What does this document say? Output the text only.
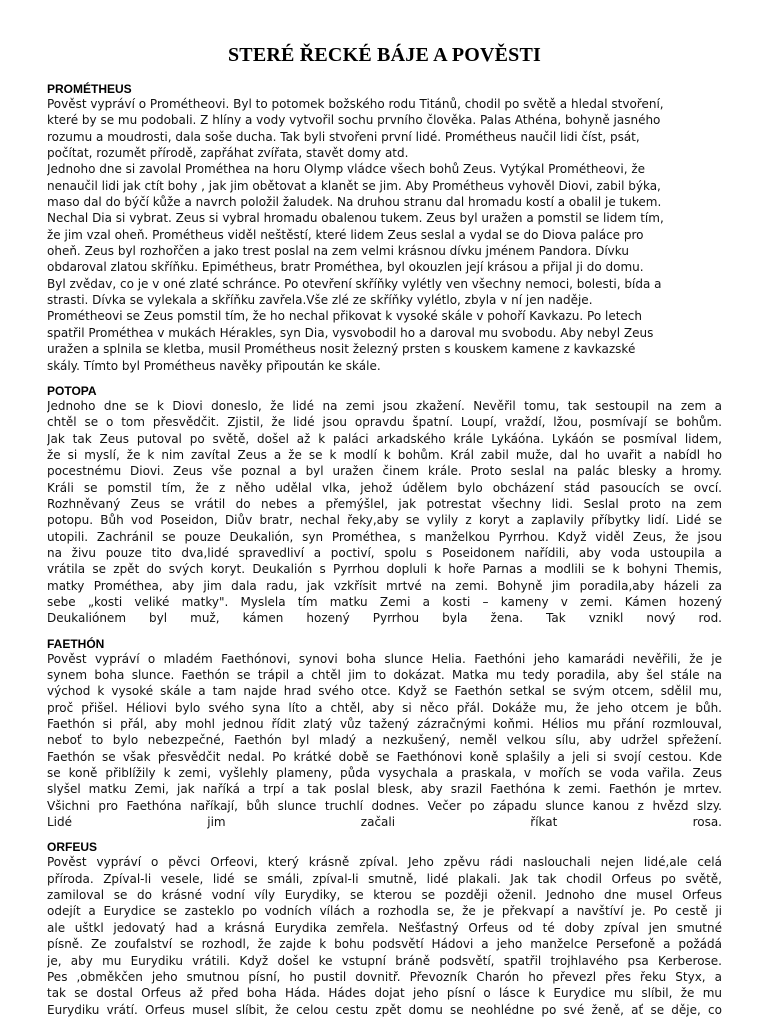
STERÉ ŘECKÉ BÁJE A POVĚSTI
PROMÉTHEUS
Pověst vypráví o Prométheovi. Byl to potomek božského rodu Titánů, chodil po světě a hledal stvoření,
které by se mu podobali. Z hlíny a vody vytvořil sochu prvního člověka. Palas Athéna, bohyně jasného
rozumu a moudrosti, dala soše ducha. Tak byli stvořeni první lidé. Prométheus naučil lidi číst, psát,
počítat, rozumět přírodě, zapřáhat zvířata, stavět domy atd.
Jednoho dne si zavolal Prométhea na horu Olymp vládce všech bohů Zeus. Vytýkal Prométheovi, že
nenaučil lidi jak ctít bohy , jak jim obětovat a klanět se jim. Aby Prométheus vyhověl Diovi, zabil býka,
maso dal do býčí kůže a navrch položil žaludek. Na druhou stranu dal hromadu kostí a obalil je tukem.
Nechal Dia si vybrat. Zeus si vybral hromadu obalenou tukem. Zeus byl uražen a pomstil se lidem tím,
že jim vzal oheň. Prométheus viděl neštěstí, které lidem Zeus seslal a vydal se do Diova paláce pro
oheň. Zeus byl rozhořčen a jako trest poslal na zem velmi krásnou dívku jménem Pandora. Dívku
obdaroval zlatou skříňku. Epimétheus, bratr Prométhea, byl okouzlen její krásou a přijal ji do domu.
Byl zvědav, co je v oné zlaté schránce. Po otevření skříňky vylétly ven všechny nemoci, bolesti, bída a
strasti. Dívka se vylekala a skříňku zavřela.Vše zlé ze skříňky vylétlo, zbyla v ní jen naděje.
Prométheovi se Zeus pomstil tím, že ho nechal přikovat k vysoké skále v pohoří Kavkazu. Po letech
spatřil Prométhea v mukách Hérakles, syn Dia, vysvobodil ho a daroval mu svobodu. Aby nebyl Zeus
uražen a splnila se kletba, musil Prométheus nosit železný prsten s kouskem kamene z kavkazské
skály. Tímto byl Prométheus navěky připoután ke skále.
POTOPA
Jednoho dne se k Diovi doneslo, že lidé na zemi jsou zkažení. Nevěřil tomu, tak sestoupil na zem a
chtěl se o tom přesvědčit. Zjistil, že lidé jsou opravdu špatní. Loupí, vraždí, lžou, posmívají se bohům.
Jak tak Zeus putoval po světě, došel až k paláci arkadského krále Lykáóna. Lykáón se posmíval lidem,
že si myslí, že k nim zavítal Zeus a že se k modlí k bohům. Král zabil muže, dal ho uvařit a nabídl ho
pocestnému Diovi. Zeus vše poznal a byl uražen činem krále. Proto seslal na palác blesky a hromy.
Králi se pomstil tím, že z něho udělal vlka, jehož údělem bylo obcházení stád pasoucích se ovcí.
Rozhněvaný Zeus se vrátil do nebes a přemýšlel, jak potrestat všechny lidi. Seslal proto na zem
potopu. Bůh vod Poseidon, Diův bratr, nechal řeky,aby se vylily z koryt a zaplavily příbytky lidí. Lidé se
utopili. Zachránil se pouze Deukalión, syn Prométhea, s manželkou Pyrrhou. Když viděl Zeus, že jsou
na živu pouze tito dva,lidé spravedliví a poctiví, spolu s Poseidonem nařídili, aby voda ustoupila a
vrátila se zpět do svých koryt. Deukalión s Pyrrhou dopluli k hoře Parnas a modlili se k bohyni Themis,
matky Prométhea, aby jim dala radu, jak vzkřísit mrtvé na zemi. Bohyně jim poradila,aby házeli za
sebe „kosti veliké matky". Myslela tím matku Zemi a kosti – kameny v zemi. Kámen hozený
Deukaliónem byl muž, kámen hozený Pyrrhou byla žena. Tak vznikl nový rod.
FAETHÓN
Pověst vypráví o mladém Faethónovi, synovi boha slunce Helia. Faethóni jeho kamarádi nevěřili, že je
synem boha slunce. Faethón se trápil a chtěl jim to dokázat. Matka mu tedy poradila, aby šel stále na
východ k vysoké skále a tam najde hrad svého otce. Když se Faethón setkal se svým otcem, sdělil mu,
proč přišel. Héliovi bylo svého syna líto a chtěl, aby si něco přál. Dokáže mu, že jeho otcem je bůh.
Faethón si přál, aby mohl jednou řídit zlatý vůz tažený zázračnými koňmi. Hélios mu přání rozmlouval,
neboť to bylo nebezpečné, Faethón byl mladý a nezkušený, neměl velkou sílu, aby udržel spřežení.
Faethón se však přesvědčit nedal. Po krátké době se Faethónovi koně splašily a jeli si svojí cestou. Kde
se koně přiblížily k zemi, vyšlehly plameny, půda vysychala a praskala, v mořích se voda vařila. Zeus
slyšel matku Zemi, jak naříká a trpí a tak poslal blesk, aby srazil Faethóna k zemi. Faethón je mrtev.
Všichni pro Faethóna naříkají, bůh slunce truchlí dodnes. Večer po západu slunce kanou z hvězd slzy.
Lidé jim začali říkat rosa.
ORFEUS
Pověst vypráví o pěvci Orfeovi, který krásně zpíval. Jeho zpěvu rádi naslouchali nejen lidé,ale celá
příroda. Zpíval-li vesele, lidé se smáli, zpíval-li smutně, lidé plakali. Jak tak chodil Orfeus po světě,
zamiloval se do krásné vodní víly Eurydiky, se kterou se později oženil. Jednoho dne musel Orfeus
odejít a Eurydice se zasteklo po vodních vílách a rozhodla se, že je překvapí a navštíví je. Po cestě ji
ale uštkl jedovatý had a krásná Eurydika zemřela. Nešťastný Orfeus od té doby zpíval jen smutné
písně. Ze zoufalství se rozhodl, že zajde k bohu podsvětí Hádovi a jeho manželce Persefoně a požádá
je, aby mu Eurydiku vrátili. Když došel ke vstupní bráně podsvětí, spatřil trojhlavého psa Kerberose.
Pes ,obměkčen jeho smutnou písní, ho pustil dovnitř. Převozník Charón ho převezl přes řeku Styx, a
tak se dostal Orfeus až před boha Háda. Hádes dojat jeho písní o lásce k Eurydice mu slíbil, že mu
Eurydiku vrátí. Orfeus musel slíbit, že celou cestu zpět domu se neohlédne po své ženě, ať se děje, co
